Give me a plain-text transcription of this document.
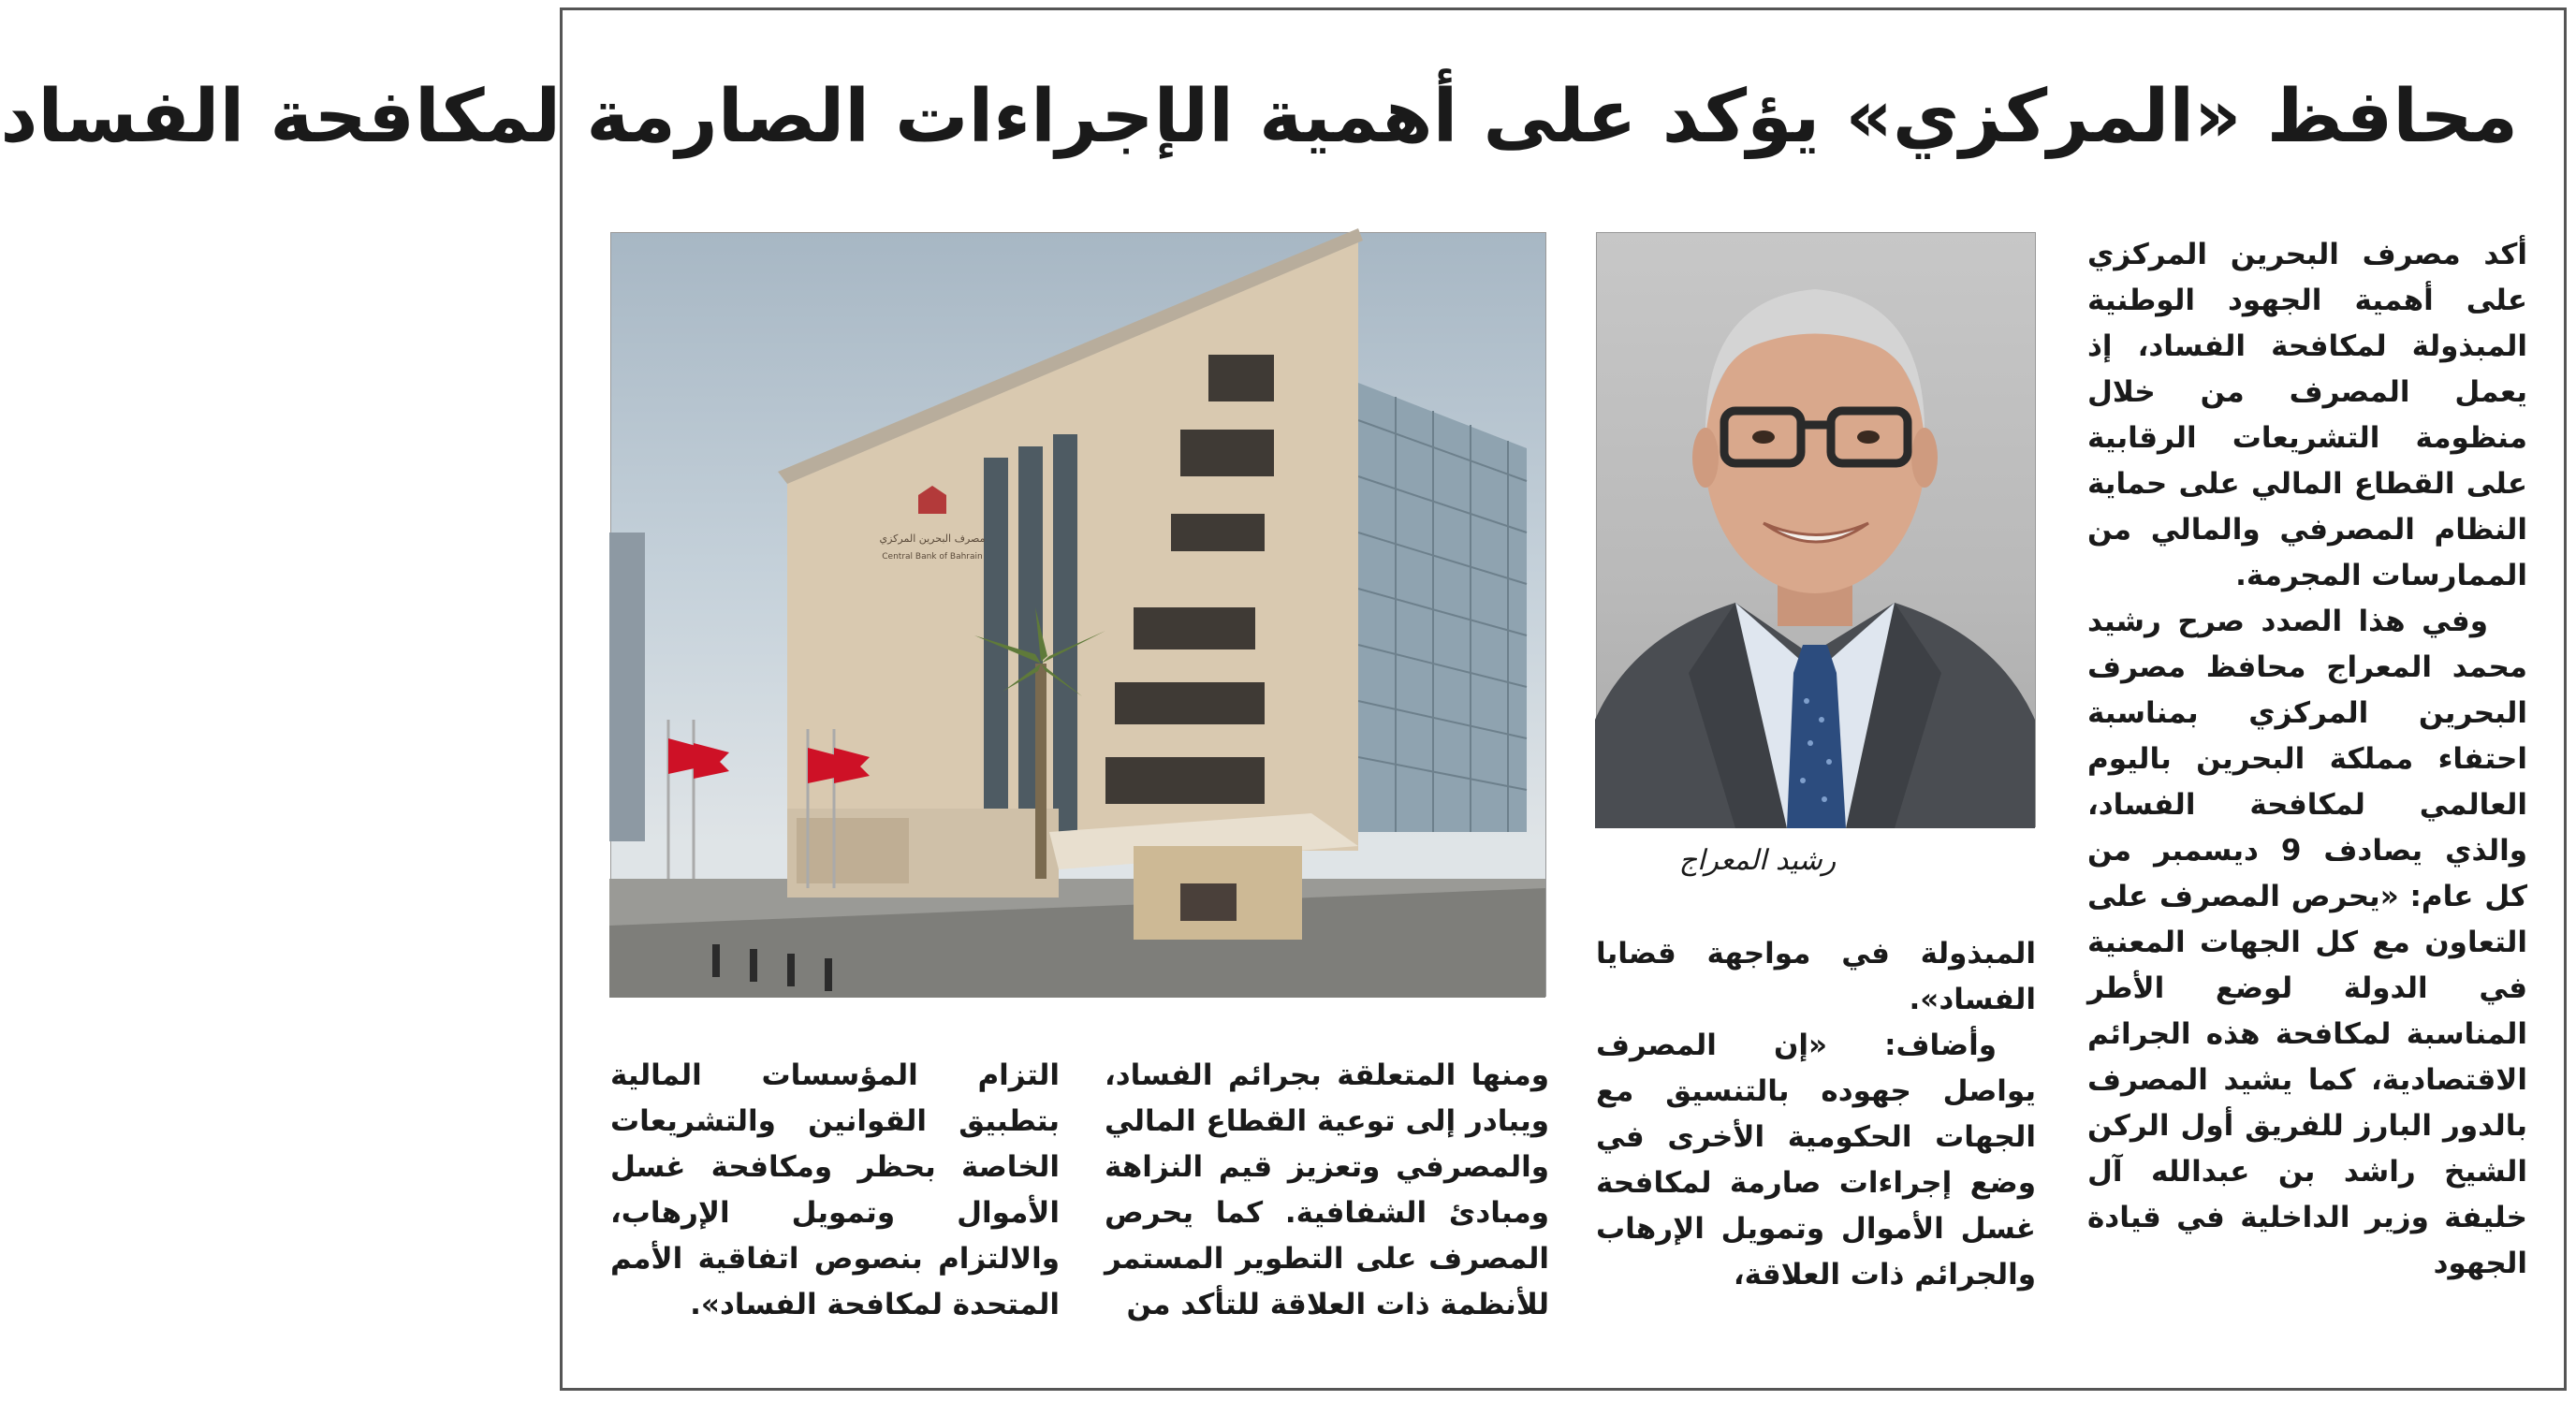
محافظ «المركزي» يؤكد على أهمية الإجراءات الصارمة لمكافحة الفساد

أكد مصرف البحرين المركزي على أهمية الجهود الوطنية المبذولة لمكافحة الفساد، إذ يعمل المصرف من خلال منظومة التشريعات الرقابية على القطاع المالي على حماية النظام المصرفي والمالي من الممارسات المجرمة.

وفي هذا الصدد صرح رشيد محمد المعراج محافظ مصرف البحرين المركزي بمناسبة احتفاء مملكة البحرين باليوم العالمي لمكافحة الفساد، والذي يصادف 9 ديسمبر من كل عام: «يحرص المصرف على التعاون مع كل الجهات المعنية في الدولة لوضع الأطر المناسبة لمكافحة هذه الجرائم الاقتصادية، كما يشيد المصرف بالدور البارز للفريق أول الركن الشيخ راشد بن عبدالله آل خليفة وزير الداخلية في قيادة الجهود

رشيد المعراج

المبذولة في مواجهة قضايا الفساد».

وأضاف: «إن المصرف يواصل جهوده بالتنسيق مع الجهات الحكومية الأخرى في وضع إجراءات صارمة لمكافحة غسل الأموال وتمويل الإرهاب والجرائم ذات العلاقة،

ومنها المتعلقة بجرائم الفساد، ويبادر إلى توعية القطاع المالي والمصرفي وتعزيز قيم النزاهة ومبادئ الشفافية. كما يحرص المصرف على التطوير المستمر للأنظمة ذات العلاقة للتأكد من

التزام المؤسسات المالية بتطبيق القوانين والتشريعات الخاصة بحظر ومكافحة غسل الأموال وتمويل الإرهاب، والالتزام بنصوص اتفاقية الأمم المتحدة لمكافحة الفساد».

مصرف البحرين المركزي
Central Bank of Bahrain
